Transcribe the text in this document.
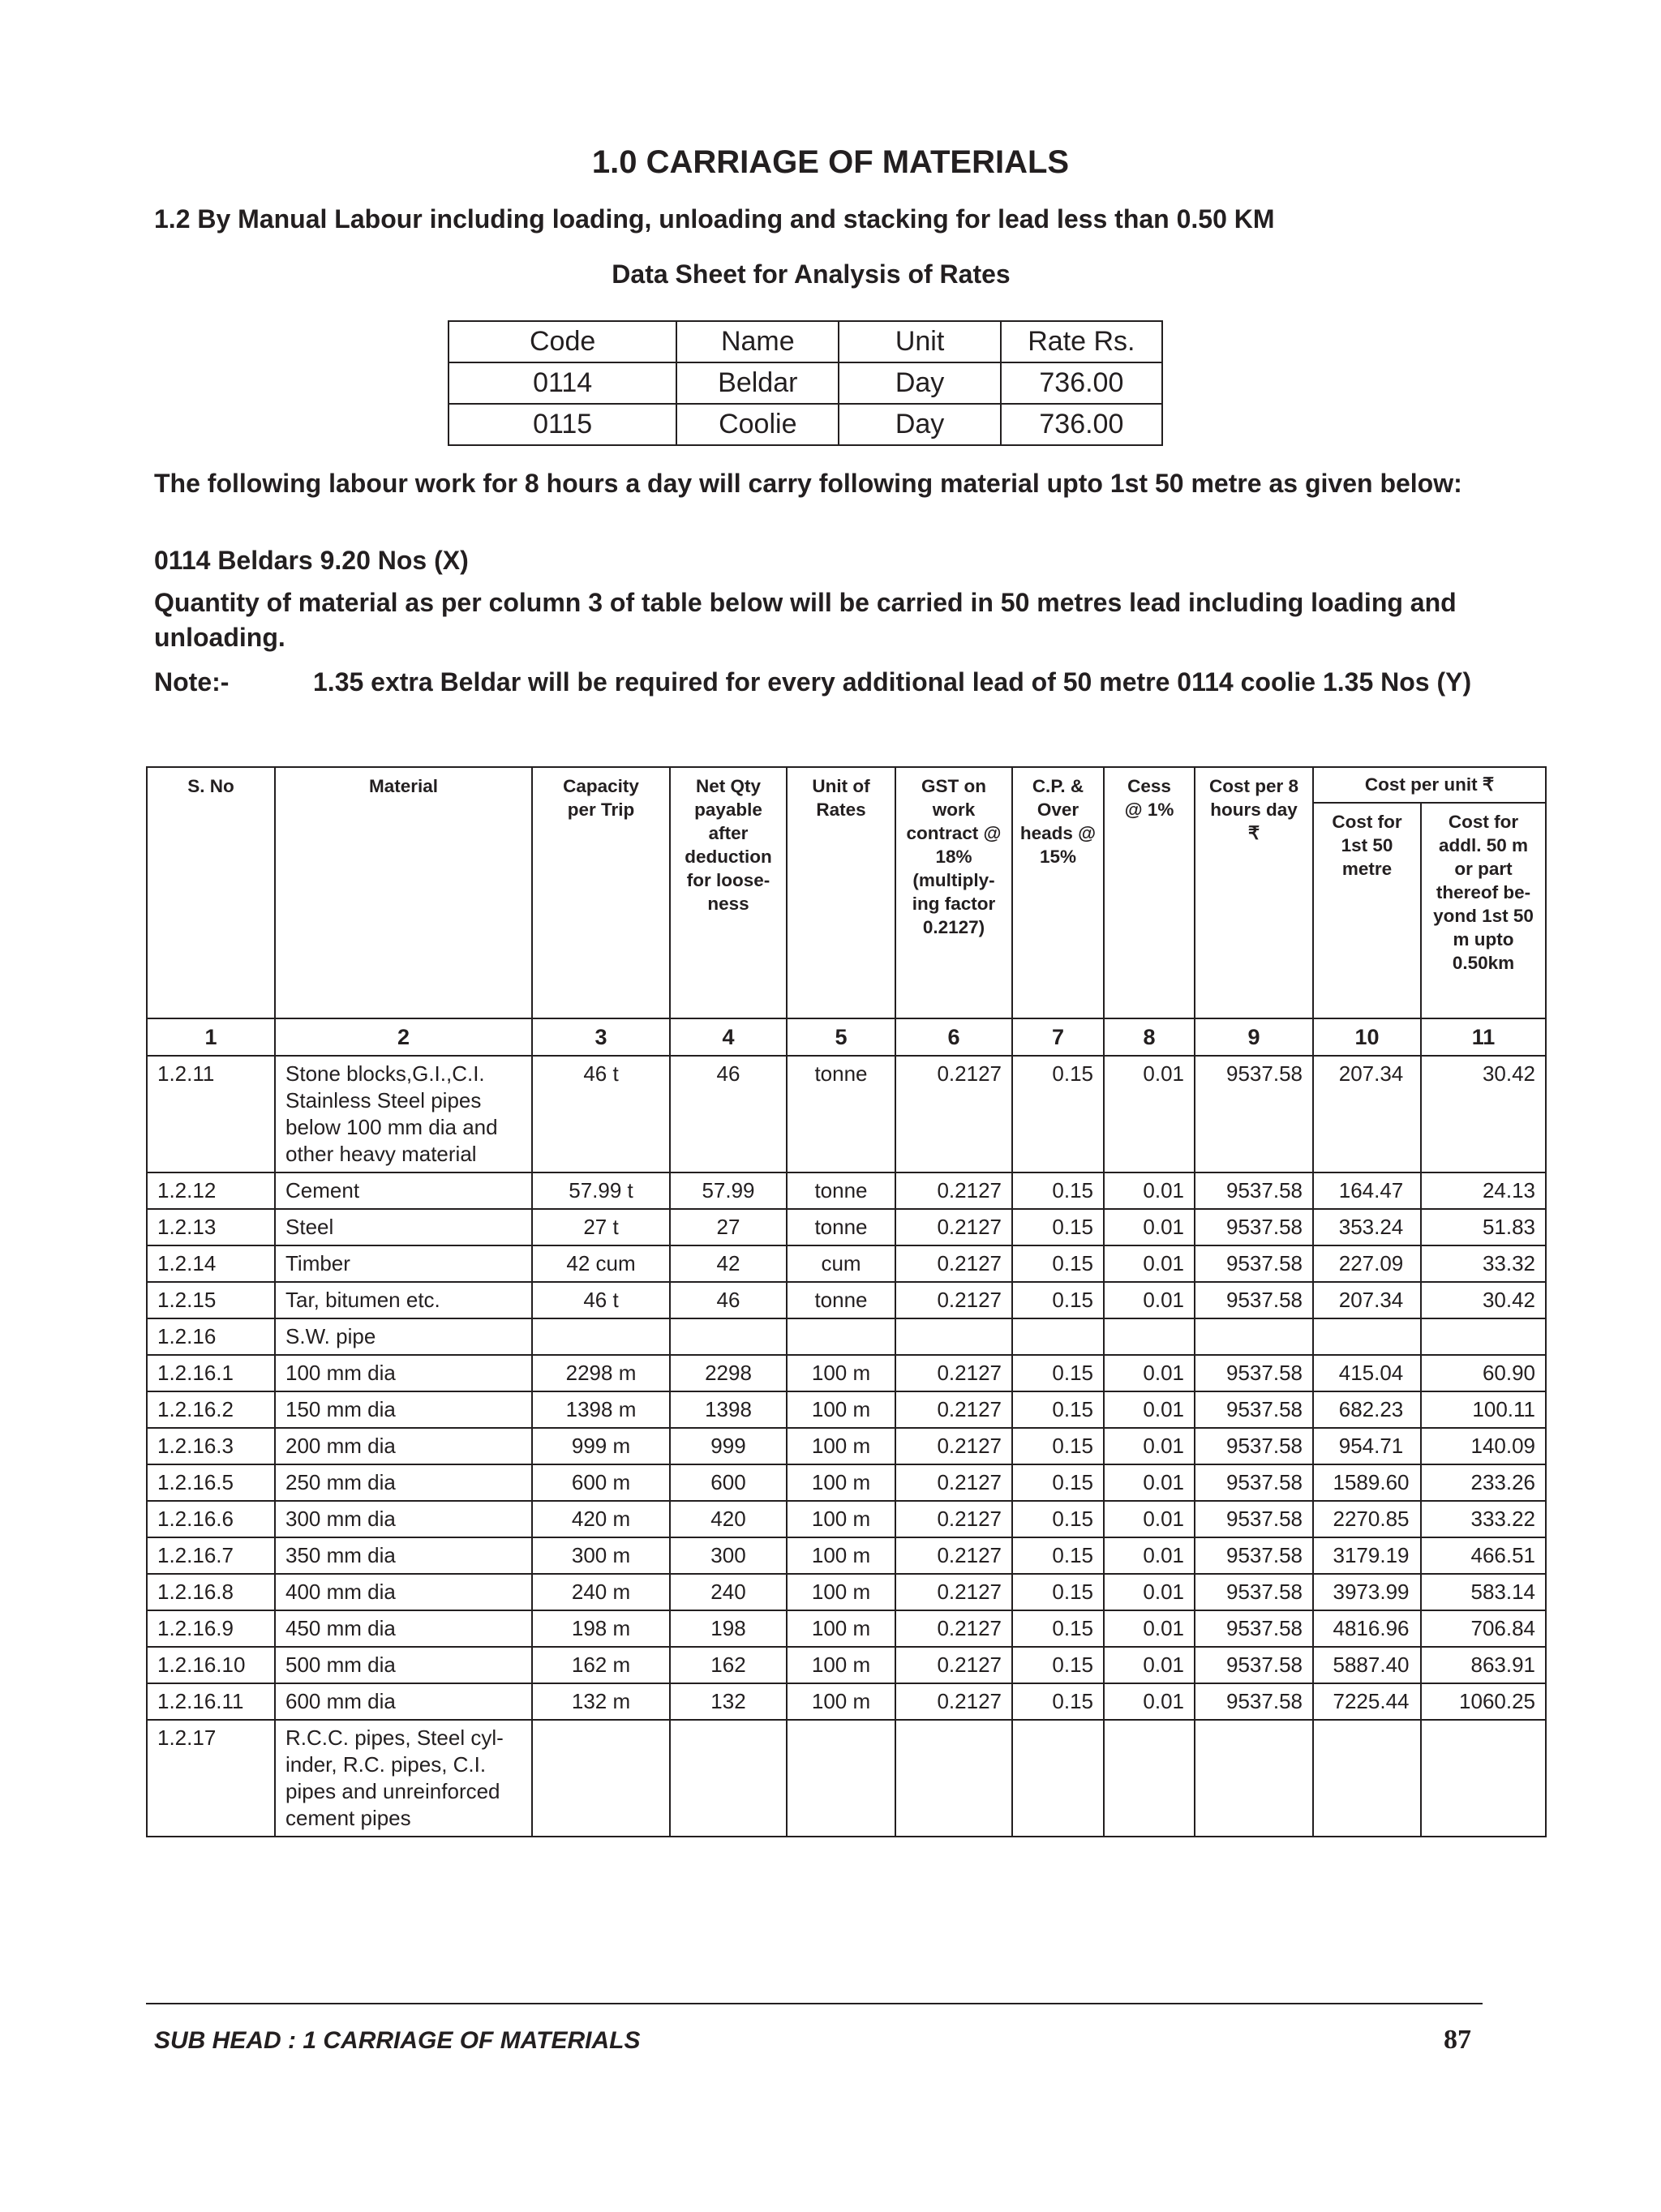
1.0 CARRIAGE OF MATERIALS
1.2 By Manual Labour including loading, unloading and stacking for lead less than 0.50 KM
Data Sheet for Analysis of Rates
Code	Name	Unit	Rate Rs.
0114	Beldar	Day	736.00
0115	Coolie	Day	736.00
The following labour work for 8 hours a day will carry following material upto 1st 50 metre as given below:
0114 Beldars 9.20 Nos (X)
Quantity of material as per column 3 of table below will be carried in 50 metres lead including loading and unloading.
Note:-	1.35 extra Beldar will be required for every additional lead of 50 metre 0114 coolie 1.35 Nos (Y)
S. No	Material	Capacity per Trip	Net Qty payable after deduction for loose-ness	Unit of Rates	GST on work contract @ 18% (multiply-ing factor 0.2127)	C.P. & Over heads @ 15%	Cess @ 1%	Cost per 8 hours day ₹	Cost per unit ₹	
									Cost for 1st 50 metre	Cost for addl. 50 m or part thereof be-yond 1st 50 m upto 0.50km
1	2	3	4	5	6	7	8	9	10	11
1.2.11	Stone blocks,G.I.,C.I. Stainless Steel pipes below 100 mm dia and other heavy material	46 t	46	tonne	0.2127	0.15	0.01	9537.58	207.34	30.42
1.2.12	Cement	57.99 t	57.99	tonne	0.2127	0.15	0.01	9537.58	164.47	24.13
1.2.13	Steel	27 t	27	tonne	0.2127	0.15	0.01	9537.58	353.24	51.83
1.2.14	Timber	42 cum	42	cum	0.2127	0.15	0.01	9537.58	227.09	33.32
1.2.15	Tar, bitumen etc.	46 t	46	tonne	0.2127	0.15	0.01	9537.58	207.34	30.42
1.2.16	S.W. pipe									
1.2.16.1	100 mm dia	2298 m	2298	100 m	0.2127	0.15	0.01	9537.58	415.04	60.90
1.2.16.2	150 mm dia	1398 m	1398	100 m	0.2127	0.15	0.01	9537.58	682.23	100.11
1.2.16.3	200 mm dia	999 m	999	100 m	0.2127	0.15	0.01	9537.58	954.71	140.09
1.2.16.5	250 mm dia	600 m	600	100 m	0.2127	0.15	0.01	9537.58	1589.60	233.26
1.2.16.6	300 mm dia	420 m	420	100 m	0.2127	0.15	0.01	9537.58	2270.85	333.22
1.2.16.7	350 mm dia	300 m	300	100 m	0.2127	0.15	0.01	9537.58	3179.19	466.51
1.2.16.8	400 mm dia	240 m	240	100 m	0.2127	0.15	0.01	9537.58	3973.99	583.14
1.2.16.9	450 mm dia	198 m	198	100 m	0.2127	0.15	0.01	9537.58	4816.96	706.84
1.2.16.10	500 mm dia	162 m	162	100 m	0.2127	0.15	0.01	9537.58	5887.40	863.91
1.2.16.11	600 mm dia	132 m	132	100 m	0.2127	0.15	0.01	9537.58	7225.44	1060.25
1.2.17	R.C.C. pipes, Steel cyl-inder, R.C. pipes, C.I. pipes and unreinforced cement pipes									
SUB HEAD : 1 CARRIAGE OF MATERIALS	87
